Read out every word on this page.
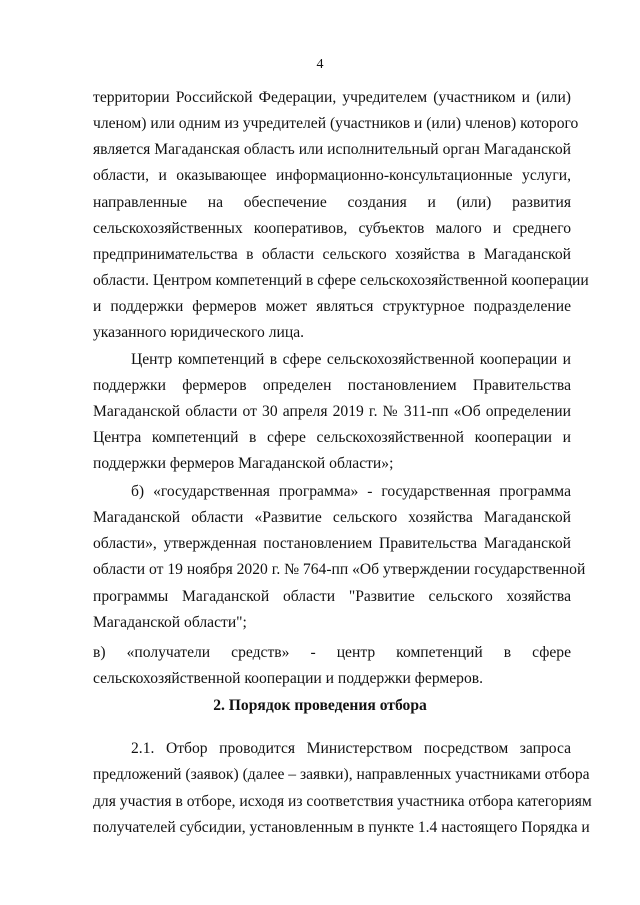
4
территории Российской Федерации, учредителем (участником и (или)
членом) или одним из учредителей (участников и (или) членов) которого
является Магаданская область или исполнительный орган Магаданской
области, и оказывающее информационно-консультационные услуги,
направленные на обеспечение создания и (или) развития
сельскохозяйственных кооперативов, субъектов малого и среднего
предпринимательства в области сельского хозяйства в Магаданской
области. Центром компетенций в сфере сельскохозяйственной кооперации
и поддержки фермеров может являться структурное подразделение
указанного юридического лица.
Центр компетенций в сфере сельскохозяйственной кооперации и
поддержки фермеров определен постановлением Правительства
Магаданской области от 30 апреля 2019 г. № 311-пп «Об определении
Центра компетенций в сфере сельскохозяйственной кооперации и
поддержки фермеров Магаданской области»;
б) «государственная программа» - государственная программа
Магаданской области «Развитие сельского хозяйства Магаданской
области», утвержденная постановлением Правительства Магаданской
области от 19 ноября 2020 г. № 764-пп «Об утверждении государственной
программы Магаданской области "Развитие сельского хозяйства
Магаданской области";
в) «получатели средств» - центр компетенций в сфере
сельскохозяйственной кооперации и поддержки фермеров.
2. Порядок проведения отбора
2.1. Отбор проводится Министерством посредством запроса
предложений (заявок) (далее – заявки), направленных участниками отбора
для участия в отборе, исходя из соответствия участника отбора категориям
получателей субсидии, установленным в пункте 1.4 настоящего Порядка и
